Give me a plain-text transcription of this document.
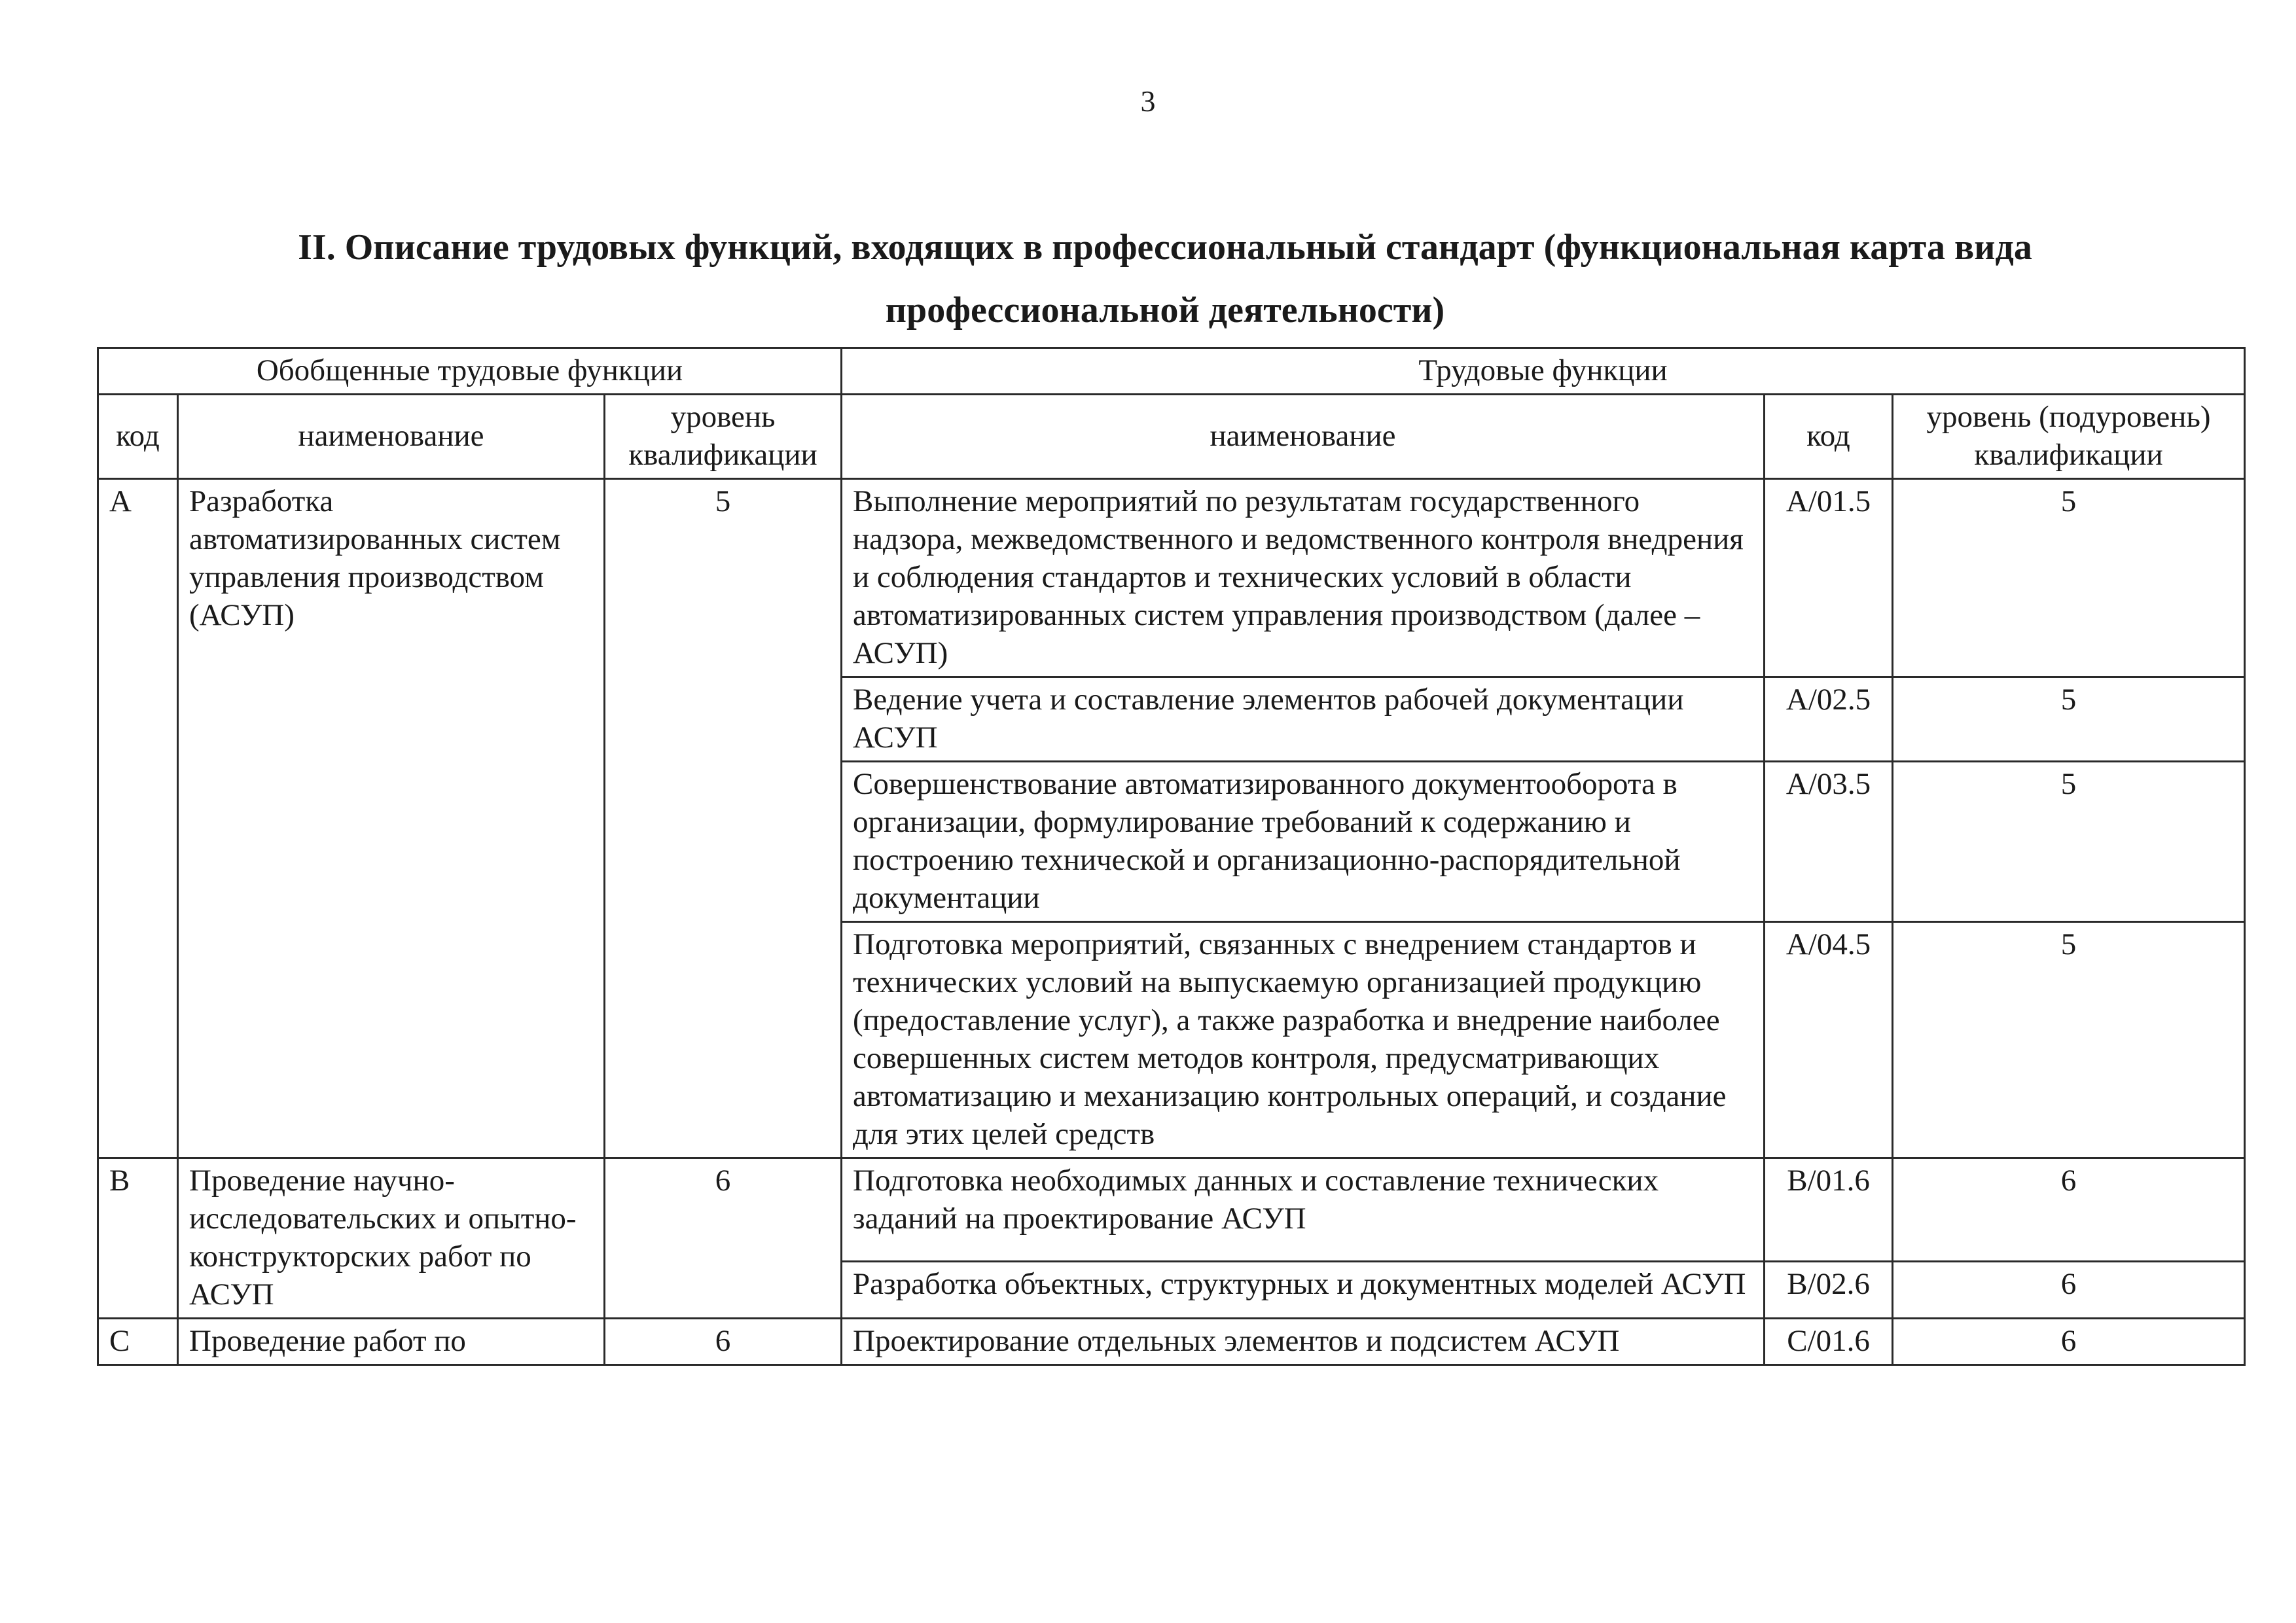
3
II. Описание трудовых функций, входящих в профессиональный стандарт (функциональная карта вида профессиональной деятельности)
Обобщенные трудовые функции			Трудовые функции		
код	наименование	уровень квалификации	наименование	код	уровень (подуровень) квалификации
A	Разработка автоматизированных систем управления производством (АСУП)	5	Выполнение мероприятий по результатам государственного надзора, межведомственного и ведомственного контроля внедрения и соблюдения стандартов и технических условий в области автоматизированных систем управления производством (далее – АСУП)	A/01.5	5
			Ведение учета и составление элементов рабочей документации АСУП	A/02.5	5
			Совершенствование автоматизированного документооборота в организации, формулирование требований к содержанию и построению технической и организационно-распорядительной документации	A/03.5	5
			Подготовка мероприятий, связанных с внедрением стандартов и технических условий на выпускаемую организацией продукцию (предоставление услуг), а также разработка и внедрение наиболее совершенных систем методов контроля, предусматривающих автоматизацию и механизацию контрольных операций, и создание для этих целей средств	A/04.5	5
B	Проведение научно-исследовательских и опытно-конструкторских работ по АСУП	6	Подготовка необходимых данных и составление технических заданий на проектирование АСУП	B/01.6	6
			Разработка объектных, структурных и документных моделей АСУП	B/02.6	6
C	Проведение работ по	6	Проектирование отдельных элементов и подсистем АСУП	C/01.6	6
